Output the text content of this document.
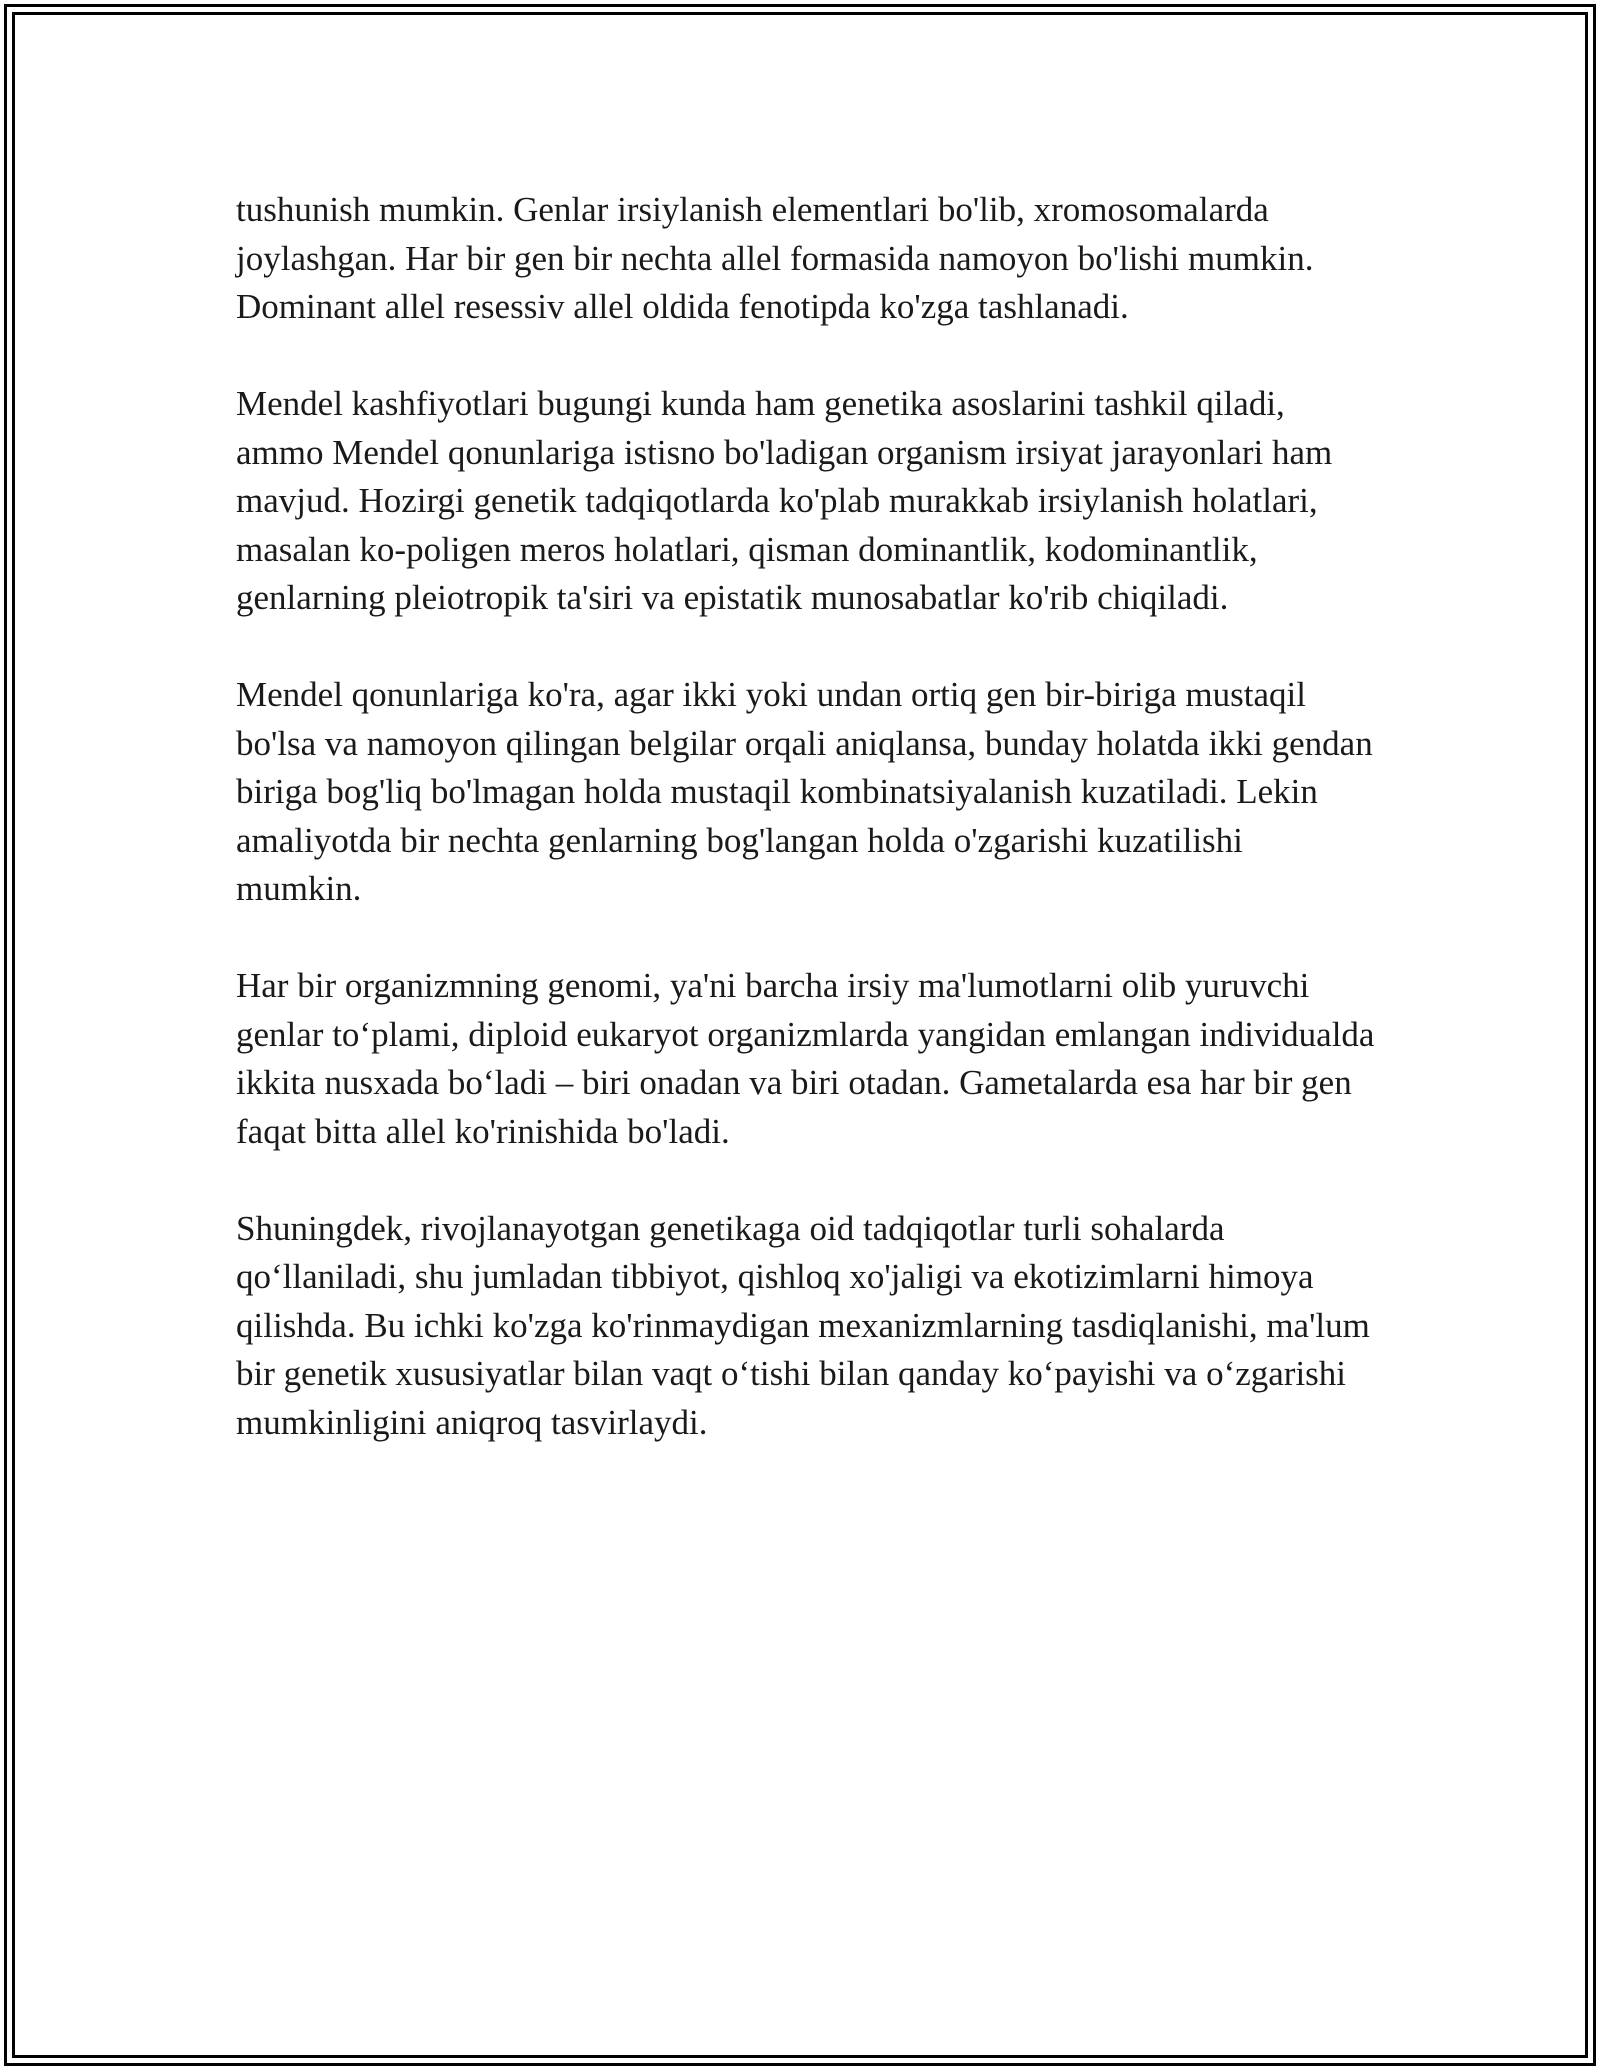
tushunish mumkin. Genlar irsiylanish elementlari bo'lib, xromosomalarda joylashgan. Har bir gen bir nechta allel formasida namoyon bo'lishi mumkin. Dominant allel resessiv allel oldida fenotipda ko'zga tashlanadi.

Mendel kashfiyotlari bugungi kunda ham genetika asoslarini tashkil qiladi, ammo Mendel qonunlariga istisno bo'ladigan organism irsiyat jarayonlari ham mavjud. Hozirgi genetik tadqiqotlarda ko'plab murakkab irsiylanish holatlari, masalan ko-poligen meros holatlari, qisman dominantlik, kodominantlik, genlarning pleiotropik ta'siri va epistatik munosabatlar ko'rib chiqiladi.

Mendel qonunlariga ko'ra, agar ikki yoki undan ortiq gen bir-biriga mustaqil bo'lsa va namoyon qilingan belgilar orqali aniqlansa, bunday holatda ikki gendan biriga bog'liq bo'lmagan holda mustaqil kombinatsiyalanish kuzatiladi. Lekin amaliyotda bir nechta genlarning bog'langan holda o'zgarishi kuzatilishi mumkin.

Har bir organizmning genomi, ya'ni barcha irsiy ma'lumotlarni olib yuruvchi genlar to‘plami, diploid eukaryot organizmlarda yangidan emlangan individualda ikkita nusxada bo‘ladi – biri onadan va biri otadan. Gametalarda esa har bir gen faqat bitta allel ko'rinishida bo'ladi.

Shuningdek, rivojlanayotgan genetikaga oid tadqiqotlar turli sohalarda qo‘llaniladi, shu jumladan tibbiyot, qishloq xo'jaligi va ekotizimlarni himoya qilishda. Bu ichki ko'zga ko'rinmaydigan mexanizmlarning tasdiqlanishi, ma'lum bir genetik xususiyatlar bilan vaqt o‘tishi bilan qanday ko‘payishi va o‘zgarishi mumkinligini aniqroq tasvirlaydi.
